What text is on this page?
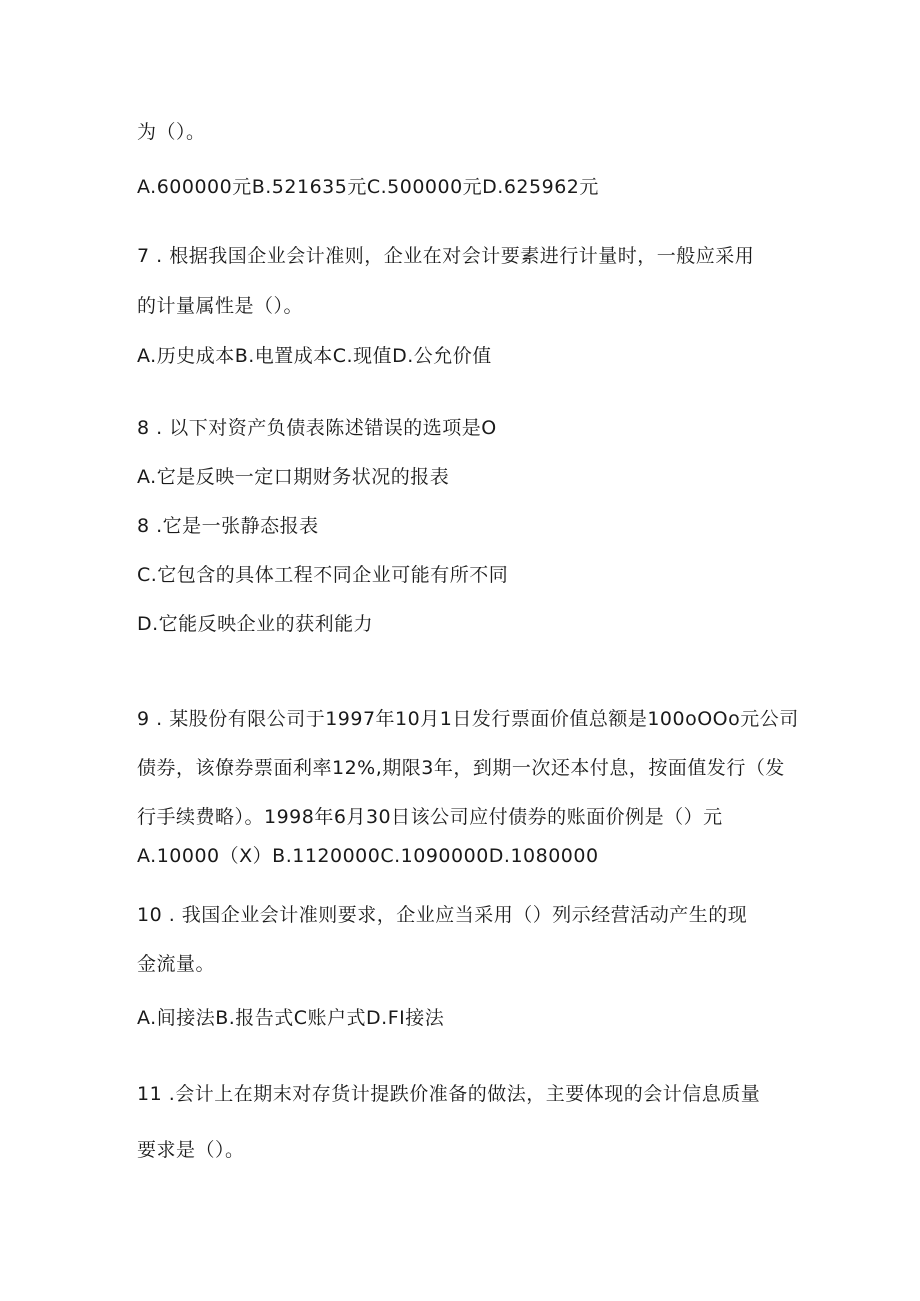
为（）。
A.600000元B.521635元C.500000元D.625962元
7 . 根据我国企业会计准则，企业在对会计要素进行计量时，一般应采用
的计量属性是（）。
A.历史成本B.电置成本C.现值D.公允价值
8 . 以下对资产负债表陈述错误的选项是O
A.它是反映一定口期财务状况的报表
8 .它是一张静态报表
C.它包含的具体工程不同企业可能有所不同
D.它能反映企业的获利能力
9 . 某股份有限公司于1997年10月1日发行票面价值总额是100oOOo元公司
债券，该僚券票面利率12%,期限3年，到期一次还本付息，按面值发行（发
行手续费略）。1998年6月30日该公司应付债券的账面价例是（）元
A.10000（X）B.1120000C.1090000D.1080000
10 . 我国企业会计准则要求，企业应当采用（）列示经营活动产生的现
金流量。
A.间接法B.报告式C账户式D.FI接法
11 .会计上在期末对存货计提跌价准备的做法，主要体现的会计信息质量
要求是（）。
